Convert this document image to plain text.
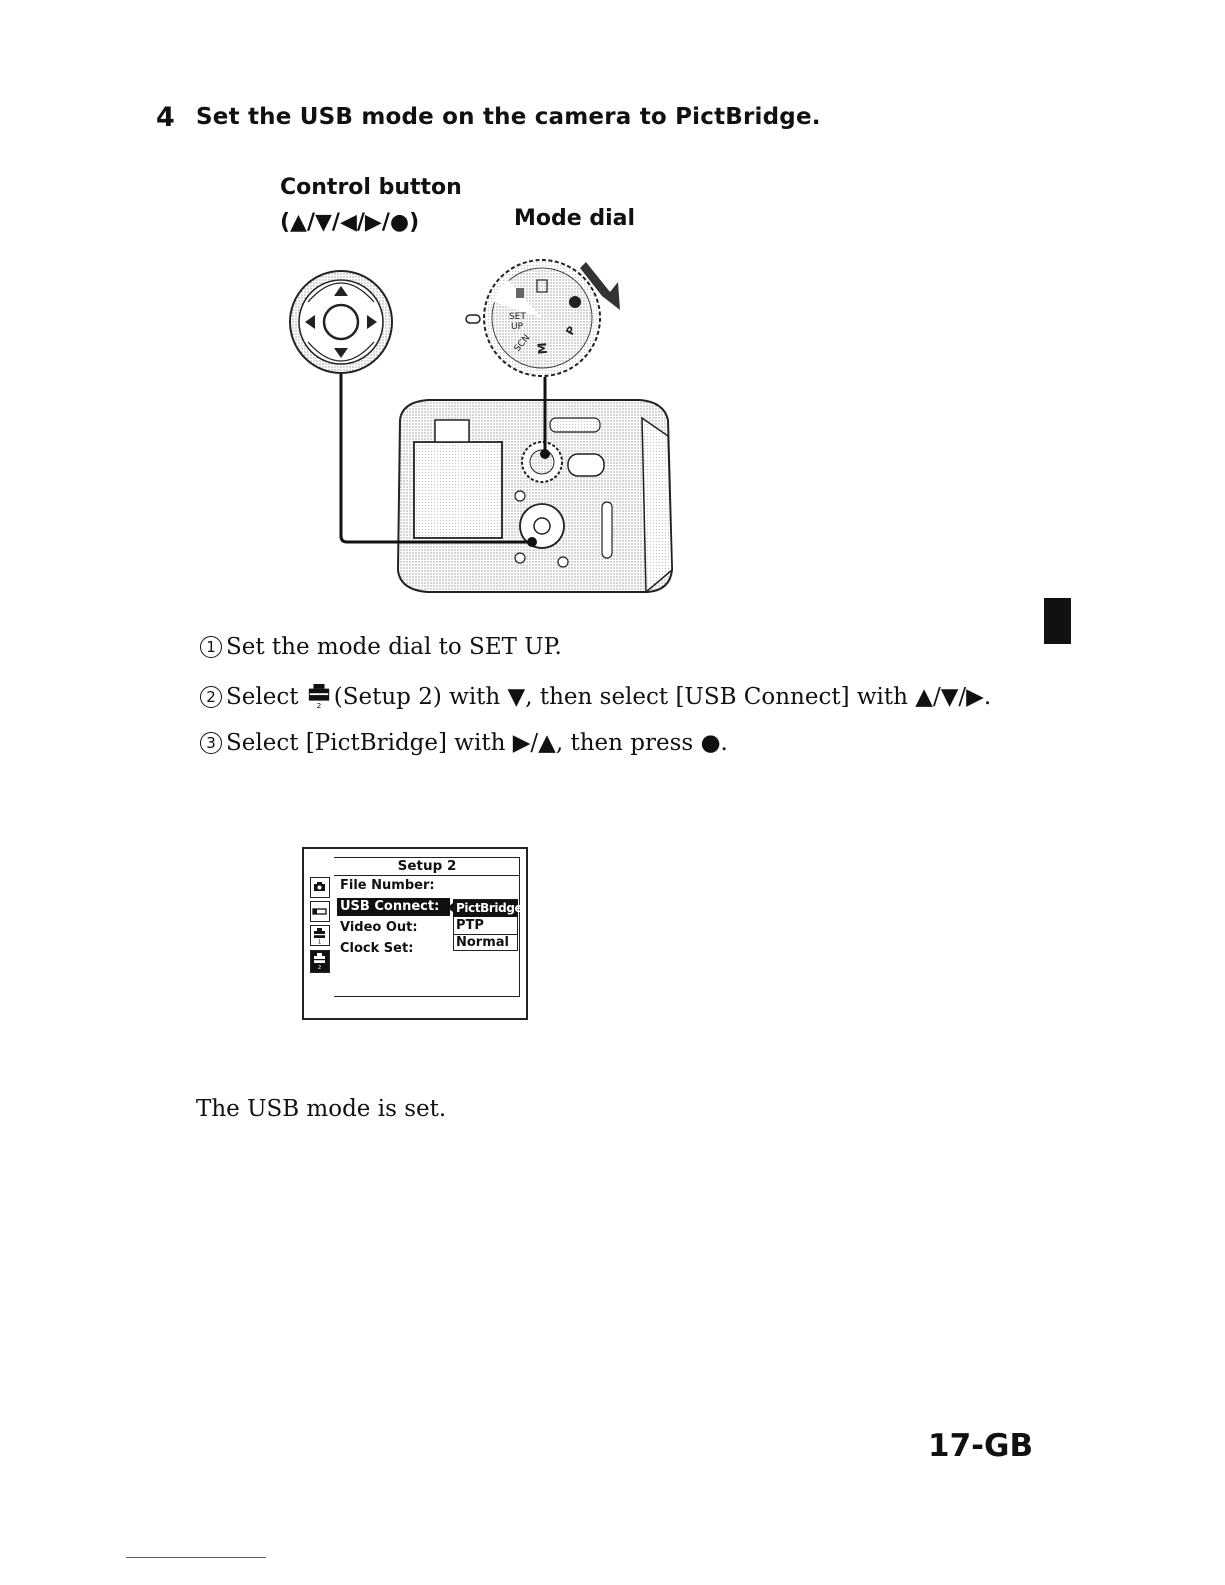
4 Set the USB mode on the camera to PictBridge.
Control button
(▲/▼/◀/▶/●)	Mode dial
SET
UP
SCN M
P
1 Set the mode dial to SET UP.
2 Select 2 (Setup 2) with ▼, then select [USB Connect] with ▲/▼/▶.
3 Select [PictBridge] with ▶/▲, then press ●.
Setup 2
1
2
File Number:
USB Connect:
Video Out:
Clock Set:
PictBridge
PTP
Normal
The USB mode is set.
17-GB
